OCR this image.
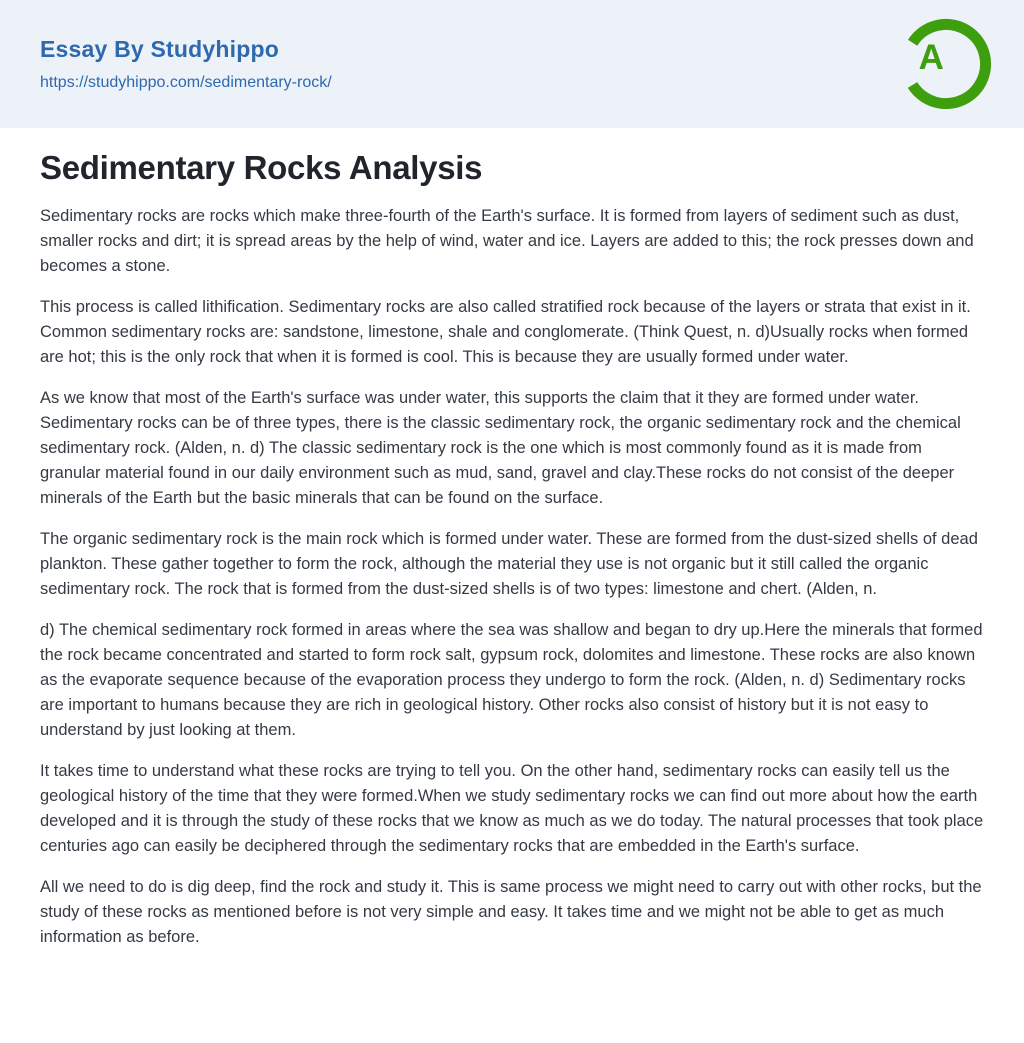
Essay By Studyhippo
https://studyhippo.com/sedimentary-rock/
A
Sedimentary Rocks Analysis

Sedimentary rocks are rocks which make three-fourth of the Earth's surface. It is formed from layers of sediment such as dust, smaller rocks and dirt; it is spread areas by the help of wind, water and ice. Layers are added to this; the rock presses down and becomes a stone.

This process is called lithification. Sedimentary rocks are also called stratified rock because of the layers or strata that exist in it. Common sedimentary rocks are: sandstone, limestone, shale and conglomerate. (Think Quest, n. d)Usually rocks when formed are hot; this is the only rock that when it is formed is cool. This is because they are usually formed under water.

As we know that most of the Earth's surface was under water, this supports the claim that it they are formed under water. Sedimentary rocks can be of three types, there is the classic sedimentary rock, the organic sedimentary rock and the chemical sedimentary rock. (Alden, n. d) The classic sedimentary rock is the one which is most commonly found as it is made from granular material found in our daily environment such as mud, sand, gravel and clay.These rocks do not consist of the deeper minerals of the Earth but the basic minerals that can be found on the surface.

The organic sedimentary rock is the main rock which is formed under water. These are formed from the dust-sized shells of dead plankton. These gather together to form the rock, although the material they use is not organic but it still called the organic sedimentary rock. The rock that is formed from the dust-sized shells is of two types: limestone and chert. (Alden, n.

d) The chemical sedimentary rock formed in areas where the sea was shallow and began to dry up.Here the minerals that formed the rock became concentrated and started to form rock salt, gypsum rock, dolomites and limestone. These rocks are also known as the evaporate sequence because of the evaporation process they undergo to form the rock. (Alden, n. d) Sedimentary rocks are important to humans because they are rich in geological history. Other rocks also consist of history but it is not easy to understand by just looking at them.

It takes time to understand what these rocks are trying to tell you. On the other hand, sedimentary rocks can easily tell us the geological history of the time that they were formed.When we study sedimentary rocks we can find out more about how the earth developed and it is through the study of these rocks that we know as much as we do today. The natural processes that took place centuries ago can easily be deciphered through the sedimentary rocks that are embedded in the Earth's surface.

All we need to do is dig deep, find the rock and study it. This is same process we might need to carry out with other rocks, but the study of these rocks as mentioned before is not very simple and easy. It takes time and we might not be able to get as much information as before.
